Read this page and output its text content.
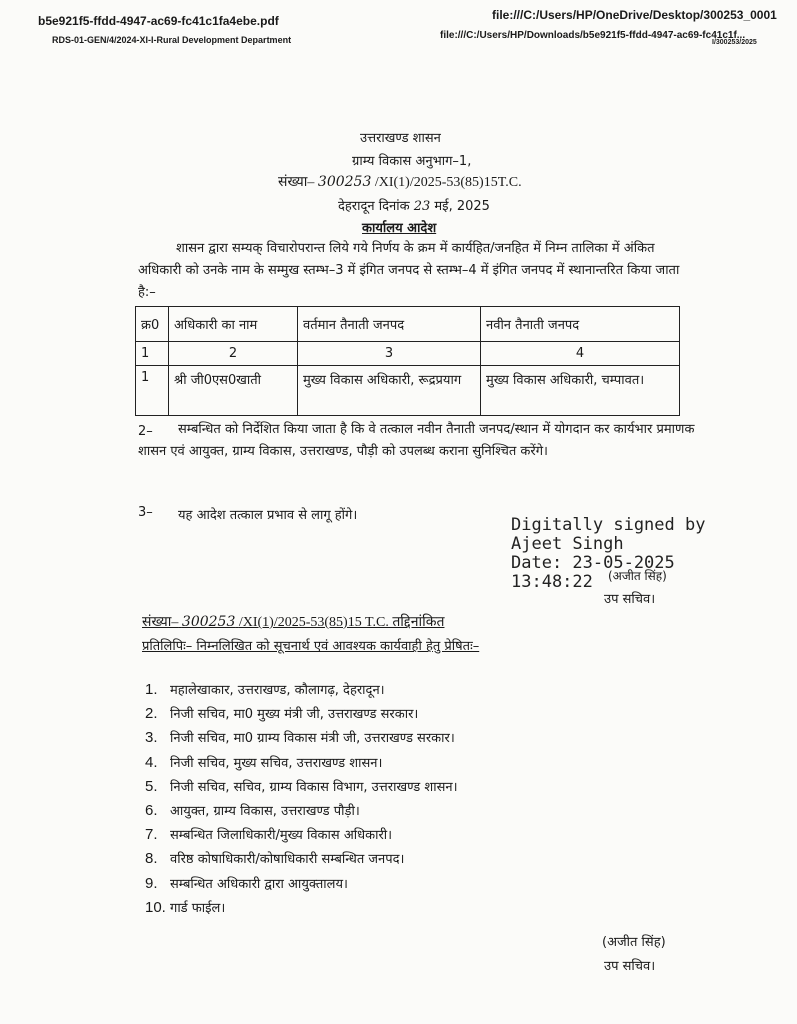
b5e921f5-ffdd-4947-ac69-fc41c1fa4ebe.pdf
RDS-01-GEN/4/2024-XI-I-Rural Development Department
file:///C:/Users/HP/OneDrive/Desktop/300253_0001
file:///C:/Users/HP/Downloads/b5e921f5-ffdd-4947-ac69-fc41c1f...
I/300253/2025
उत्तराखण्ड शासन
ग्राम्य विकास अनुभाग–1,
संख्या– 300253 /XI(1)/2025-53(85)15T.C.
देहरादून दिनांक 23 मई, 2025
कार्यालय आदेश
शासन द्वारा सम्यक् विचारोपरान्त लिये गये निर्णय के क्रम में कार्यहित/जनहित में निम्न तालिका में अंकित अधिकारी को उनके नाम के सम्मुख स्तम्भ–3 में इंगित जनपद से स्तम्भ–4 में इंगित जनपद में स्थानान्तरित किया जाता है:–
क्र0	अधिकारी का नाम	वर्तमान तैनाती जनपद	नवीन तैनाती जनपद
1	2	3	4
1	श्री जी0एस0खाती	मुख्य विकास अधिकारी, रूद्रप्रयाग	मुख्य विकास अधिकारी, चम्पावत।
2–	सम्बन्धित को निर्देशित किया जाता है कि वे तत्काल नवीन तैनाती जनपद/स्थान में योगदान कर कार्यभार प्रमाणक शासन एवं आयुक्त, ग्राम्य विकास, उत्तराखण्ड, पौड़ी को उपलब्ध कराना सुनिश्चित करेंगे।
3– यह आदेश तत्काल प्रभाव से लागू होंगे।	Digitally signed by
Ajeet Singh
Date: 23-05-2025
13:48:22	(अजीत सिंह)
उप सचिव।
संख्या– 300253 /XI(1)/2025-53(85)15 T.C. तद्दिनांकित
प्रतिलिपिः– निम्नलिखित को सूचनार्थ एवं आवश्यक कार्यवाही हेतु प्रेषितः–
1. महालेखाकार, उत्तराखण्ड, कौलागढ़, देहरादून।
2. निजी सचिव, मा0 मुख्य मंत्री जी, उत्तराखण्ड सरकार।
3. निजी सचिव, मा0 ग्राम्य विकास मंत्री जी, उत्तराखण्ड सरकार।
4. निजी सचिव, मुख्य सचिव, उत्तराखण्ड शासन।
5. निजी सचिव, सचिव, ग्राम्य विकास विभाग, उत्तराखण्ड शासन।
6. आयुक्त, ग्राम्य विकास, उत्तराखण्ड पौड़ी।
7. सम्बन्धित जिलाधिकारी/मुख्य विकास अधिकारी।
8. वरिष्ठ कोषाधिकारी/कोषाधिकारी सम्बन्धित जनपद।
9. सम्बन्धित अधिकारी द्वारा आयुक्तालय।
10. गार्ड फाईल।
(अजीत सिंह)
उप सचिव।
